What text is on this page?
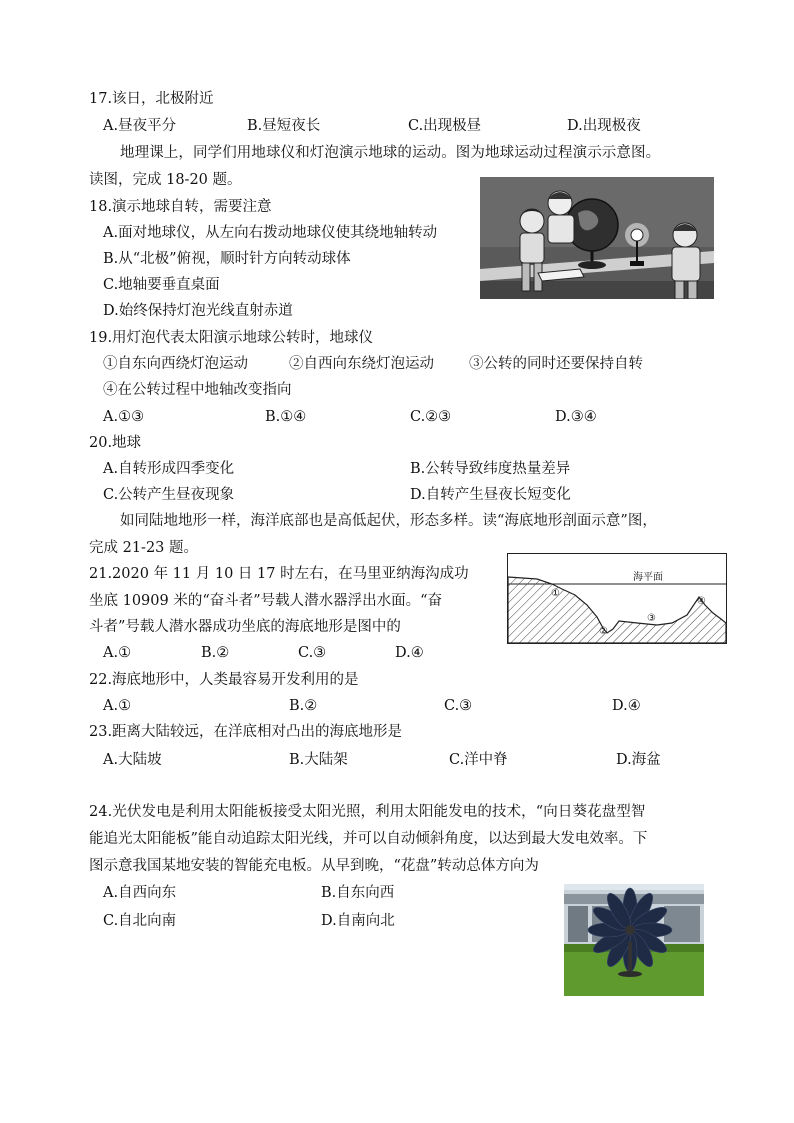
17.该日，北极附近
A.昼夜平分	B.昼短夜长	C.出现极昼	D.出现极夜
地理课上，同学们用地球仪和灯泡演示地球的运动。图为地球运动过程演示示意图。
读图，完成 18-20 题。
18.演示地球自转，需要注意
A.面对地球仪，从左向右拨动地球仪使其绕地轴转动
B.从“北极”俯视，顺时针方向转动球体
C.地轴要垂直桌面
D.始终保持灯泡光线直射赤道
19.用灯泡代表太阳演示地球公转时，地球仪
①自东向西绕灯泡运动	②自西向东绕灯泡运动 ③公转的同时还要保持自转
④在公转过程中地轴改变指向
A.①③	B.①④	C.②③	D.③④
20.地球
A.自转形成四季变化	B.公转导致纬度热量差异
C.公转产生昼夜现象	D.自转产生昼夜长短变化
如同陆地地形一样，海洋底部也是高低起伏，形态多样。读“海底地形剖面示意”图，
完成 21-23 题。
21.2020 年 11 月 10 日 17 时左右，在马里亚纳海沟成功
坐底 10909 米的“奋斗者”号载人潜水器浮出水面。“奋
斗者”号载人潜水器成功坐底的海底地形是图中的
A.①	B.②	C.③	D.④
海平面
①
②
③
④
22.海底地形中，人类最容易开发利用的是
A.①	B.②	C.③	D.④
23.距离大陆较远，在洋底相对凸出的海底地形是
A.大陆坡	B.大陆架	C.洋中脊	D.海盆
24.光伏发电是利用太阳能板接受太阳光照，利用太阳能发电的技术，“向日葵花盘型智
能追光太阳能板”能自动追踪太阳光线，并可以自动倾斜角度，以达到最大发电效率。下
图示意我国某地安装的智能充电板。从早到晚，“花盘”转动总体方向为
A.自西向东	B.自东向西
C.自北向南	D.自南向北
